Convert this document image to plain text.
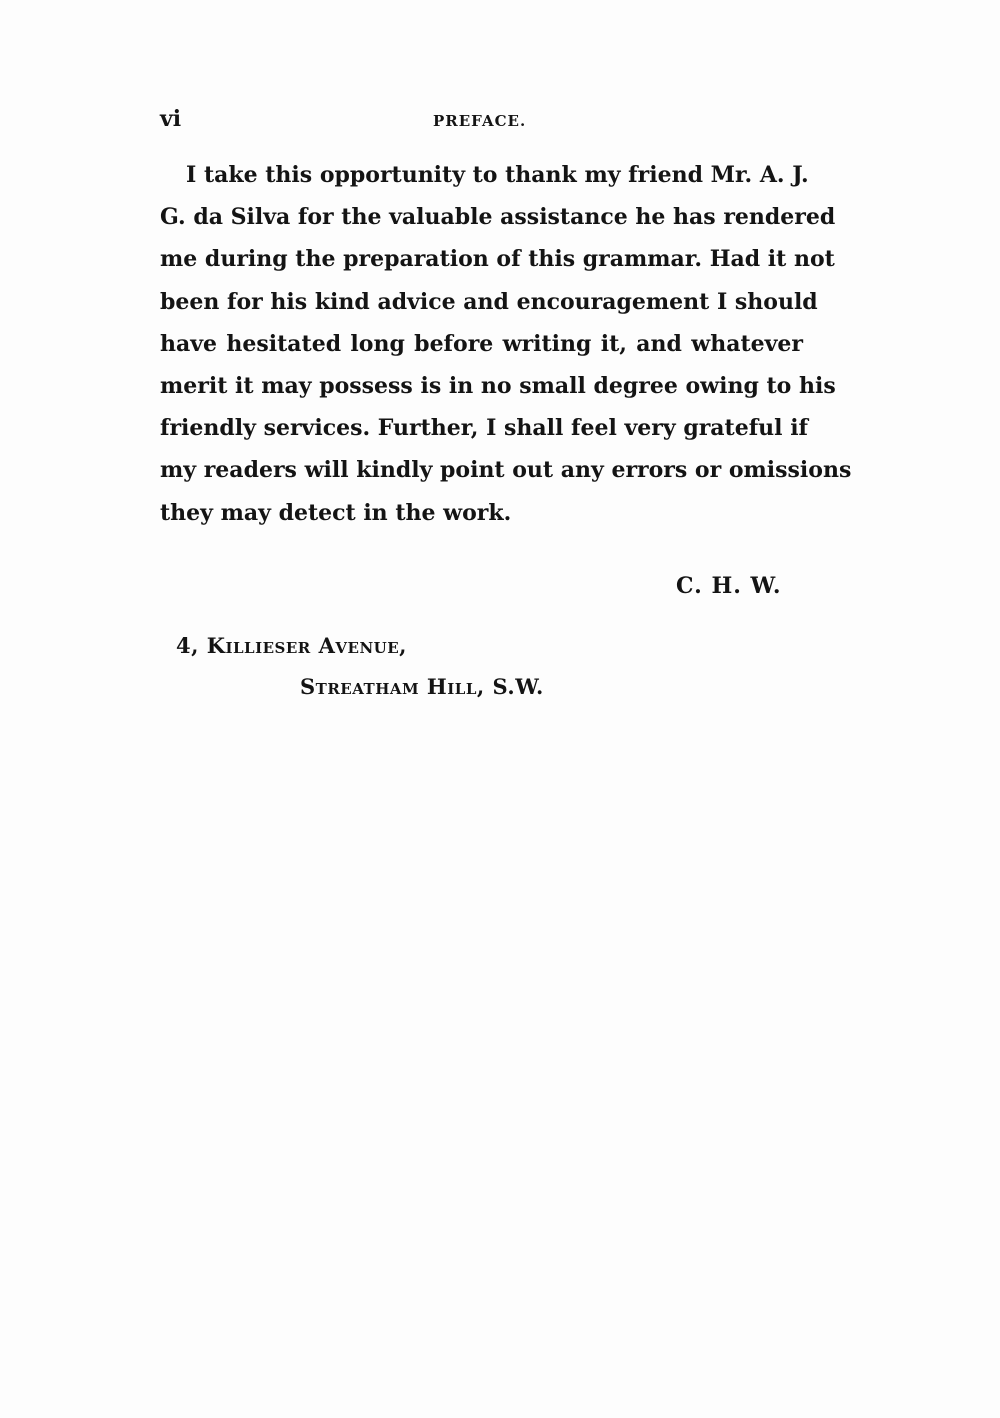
vi	PREFACE.
I take this opportunity to thank my friend Mr. A. J.
G. da Silva for the valuable assistance he has rendered
me during the preparation of this grammar. Had it not
been for his kind advice and encouragement I should
have hesitated long before writing it, and whatever
merit it may possess is in no small degree owing to his
friendly services. Further, I shall feel very grateful if
my readers will kindly point out any errors or omissions
they may detect in the work.
C. H. W.
4, Killieser Avenue,
Streatham Hill, S.W.
